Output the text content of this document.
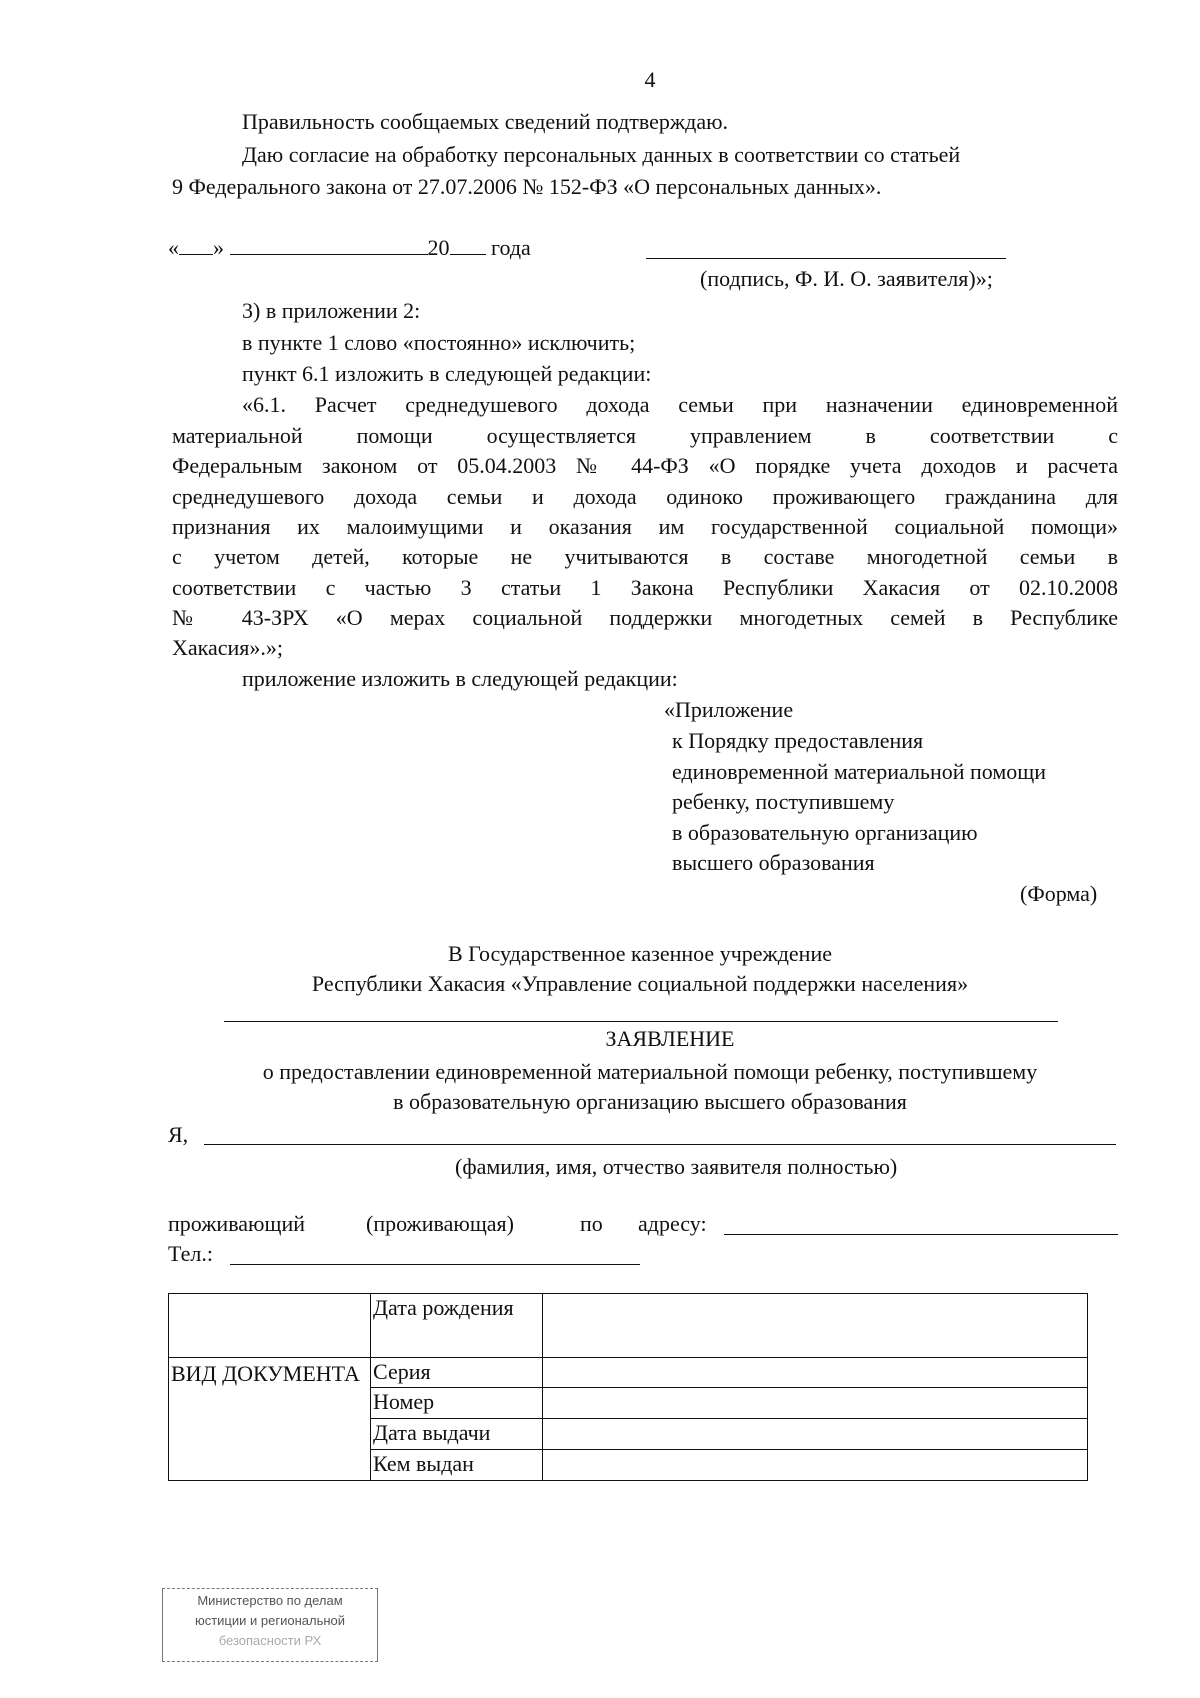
4
Правильность сообщаемых сведений подтверждаю.
Даю согласие на обработку персональных данных в соответствии со статьей
9 Федерального закона от 27.07.2006 № 152-ФЗ «О персональных данных».
« »	20 года
(подпись, Ф. И. О. заявителя)»;
3) в приложении 2:
в пункте 1 слово «постоянно» исключить;
пункт 6.1 изложить в следующей редакции:
«6.1. Расчет среднедушевого дохода семьи при назначении единовременной
материальной помощи осуществляется управлением в соответствии с
Федеральным законом от 05.04.2003 № 44-ФЗ «О порядке учета доходов и расчета
среднедушевого дохода семьи и дохода одиноко проживающего гражданина для
признания их малоимущими и оказания им государственной социальной помощи»
с учетом детей, которые не учитываются в составе многодетной семьи в
соответствии с частью 3 статьи 1 Закона Республики Хакасия от 02.10.2008
№ 43-ЗРХ «О мерах социальной поддержки многодетных семей в Республике
Хакасия».»;
приложение изложить в следующей редакции:
«Приложение
к Порядку предоставления
единовременной материальной помощи
ребенку, поступившему
в образовательную организацию
высшего образования
(Форма)
В Государственное казенное учреждение
Республики Хакасия «Управление социальной поддержки населения»
ЗАЯВЛЕНИЕ
о предоставлении единовременной материальной помощи ребенку, поступившему
в образовательную организацию высшего образования
Я,
(фамилия, имя, отчество заявителя полностью)
проживающий	(проживающая)	по адресу:
Тел.:
	Дата рождения	
ВИД ДОКУМЕНТА	Серия	
	Номер	
	Дата выдачи	
	Кем выдан	
Министерство по делам
юстиции и региональной
безопасности РХ
